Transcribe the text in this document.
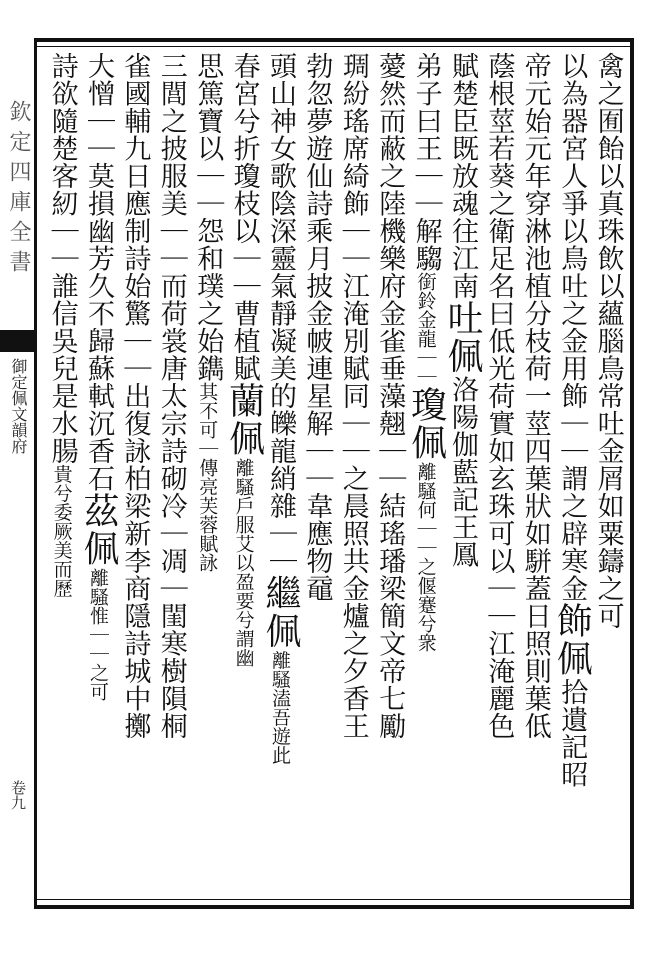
欽定四庫全書
御定佩文韻府
卷九
禽之囿飴以真珠飲以蘊腦鳥常吐金屑如粟鑄之可
以為器宮人爭以鳥吐之金用飾｜｜謂之辟寒金飾佩拾遺記昭
帝元始元年穿淋池植分枝荷一莖四葉狀如駢蓋日照則葉低
蔭根莖若葵之衛足名曰低光荷實如玄珠可以｜｜江淹麗色
賦楚臣既放魂往江南吐佩洛陽伽藍記王鳳
弟子曰王｜｜解騶銜鈴金龍｜｜瓊佩離騷何｜｜之偃蹇兮衆
薆然而蔽之陸機樂府金雀垂藻翹｜｜結瑤璠梁簡文帝七勵
琱紛瑤席綺飾｜｜江淹別賦同｜｜之晨照共金爐之夕香王
勃忽夢遊仙詩乘月披金帔連星解｜｜韋應物黿
頭山神女歌陰深靈氣靜凝美的皪龍綃雜｜｜繼佩離騷溘吾遊此
春宮兮折瓊枝以｜｜曹植賦蘭佩離騷戶服艾以盈要兮謂幽
思篤寶以｜｜怨和璞之始鐫其不可｜傳亮芙蓉賦詠
三閭之披服美｜｜而荷裳唐太宗詩砌冷｜凋｜閨寒樹隕桐
雀國輔九日應制詩始驚｜｜出復詠柏梁新李商隱詩城中擲
大憎｜｜莫損幽芳久不歸蘇軾沉香石茲佩離騷惟｜｜之可
詩欲隨楚客紉｜｜誰信吳兒是水腸貴兮委厥美而歷
